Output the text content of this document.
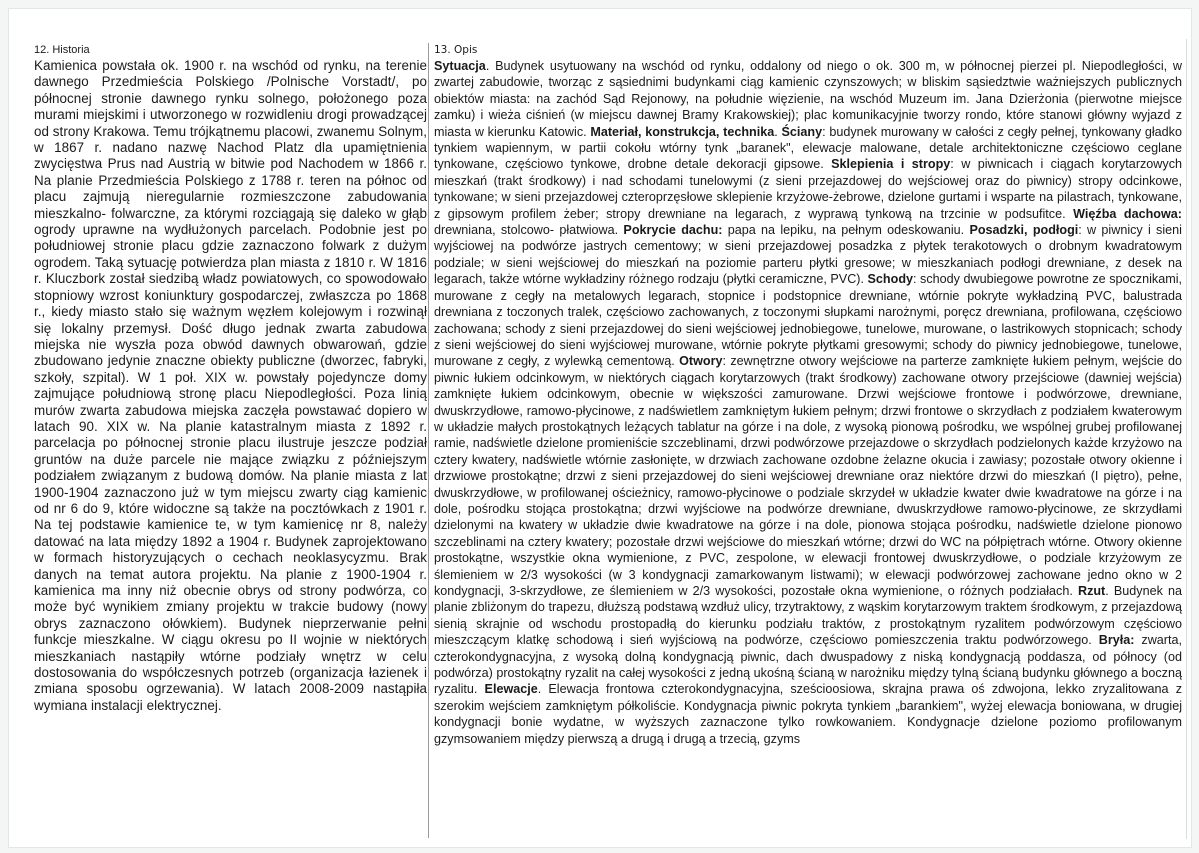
12. Historia

Kamienica powstała ok. 1900 r. na wschód od rynku, na terenie dawnego Przedmieścia Polskiego /Polnische Vorstadt/, po północnej stronie dawnego rynku solnego, położonego poza murami miejskimi i utworzonego w rozwidleniu drogi prowadzącej od strony Krakowa. Temu trójkątnemu placowi, zwanemu Solnym, w 1867 r. nadano nazwę Nachod Platz dla upamiętnienia zwycięstwa Prus nad Austrią w bitwie pod Nachodem w 1866 r. Na planie Przedmieścia Polskiego z 1788 r. teren na północ od placu zajmują nieregularnie rozmieszczone zabudowania mieszkalno- folwarczne, za którymi rozciągają się daleko w głąb ogrody uprawne na wydłużonych parcelach. Podobnie jest po południowej stronie placu gdzie zaznaczono folwark z dużym ogrodem. Taką sytuację potwierdza plan miasta z 1810 r. W 1816 r. Kluczbork został siedzibą władz powiatowych, co spowodowało stopniowy wzrost koniunktury gospodarczej, zwłaszcza po 1868 r., kiedy miasto stało się ważnym węzłem kolejowym i rozwinął się lokalny przemysł. Dość długo jednak zwarta zabudowa miejska nie wyszła poza obwód dawnych obwarowań, gdzie zbudowano jedynie znaczne obiekty publiczne (dworzec, fabryki, szkoły, szpital). W 1 poł. XIX w. powstały pojedyncze domy zajmujące południową stronę placu Niepodległości. Poza linią murów zwarta zabudowa miejska zaczęła powstawać dopiero w latach 90. XIX w. Na planie katastralnym miasta z 1892 r. parcelacja po północnej stronie placu ilustruje jeszcze podział gruntów na duże parcele nie mające związku z późniejszym podziałem związanym z budową domów. Na planie miasta z lat 1900-1904 zaznaczono już w tym miejscu zwarty ciąg kamienic od nr 6 do 9, które widoczne są także na pocztówkach z 1901 r. Na tej podstawie kamienice te, w tym kamienicę nr 8, należy datować na lata między 1892 a 1904 r. Budynek zaprojektowano w formach historyzujących o cechach neoklasycyzmu. Brak danych na temat autora projektu. Na planie z 1900-1904 r. kamienica ma inny niż obecnie obrys od strony podwórza, co może być wynikiem zmiany projektu w trakcie budowy (nowy obrys zaznaczono ołówkiem). Budynek nieprzerwanie pełni funkcje mieszkalne. W ciągu okresu po II wojnie w niektórych mieszkaniach nastąpiły wtórne podziały wnętrz w celu dostosowania do współczesnych potrzeb (organizacja łazienek i zmiana sposobu ogrzewania). W latach 2008-2009 nastąpiła wymiana instalacji elektrycznej.

13. Opis

Sytuacja. Budynek usytuowany na wschód od rynku, oddalony od niego o ok. 300 m, w północnej pierzei pl. Niepodległości, w zwartej zabudowie, tworząc z sąsiednimi budynkami ciąg kamienic czynszowych; w bliskim sąsiedztwie ważniejszych publicznych obiektów miasta: na zachód Sąd Rejonowy, na południe więzienie, na wschód Muzeum im. Jana Dzierżonia (pierwotne miejsce zamku) i wieża ciśnień (w miejscu dawnej Bramy Krakowskiej); plac komunikacyjnie tworzy rondo, które stanowi główny wyjazd z miasta w kierunku Katowic. Materiał, konstrukcja, technika. Ściany: budynek murowany w całości z cegły pełnej, tynkowany gładko tynkiem wapiennym, w partii cokołu wtórny tynk „baranek", elewacje malowane, detale architektoniczne częściowo ceglane tynkowane, częściowo tynkowe, drobne detale dekoracji gipsowe. Sklepienia i stropy: w piwnicach i ciągach korytarzowych mieszkań (trakt środkowy) i nad schodami tunelowymi (z sieni przejazdowej do wejściowej oraz do piwnicy) stropy odcinkowe, tynkowane; w sieni przejazdowej czteroprzęsłowe sklepienie krzyżowe-żebrowe, dzielone gurtami i wsparte na pilastrach, tynkowane, z gipsowym profilem żeber; stropy drewniane na legarach, z wyprawą tynkową na trzcinie w podsufitce. Więźba dachowa: drewniana, stolcowo- płatwiowa. Pokrycie dachu: papa na lepiku, na pełnym odeskowaniu. Posadzki, podłogi: w piwnicy i sieni wyjściowej na podwórze jastrych cementowy; w sieni przejazdowej posadzka z płytek terakotowych o drobnym kwadratowym podziale; w sieni wejściowej do mieszkań na poziomie parteru płytki gresowe; w mieszkaniach podłogi drewniane, z desek na legarach, także wtórne wykładziny różnego rodzaju (płytki ceramiczne, PVC). Schody: schody dwubiegowe powrotne ze spocznikami, murowane z cegły na metalowych legarach, stopnice i podstopnice drewniane, wtórnie pokryte wykładziną PVC, balustrada drewniana z toczonych tralek, częściowo zachowanych, z toczonymi słupkami narożnymi, poręcz drewniana, profilowana, częściowo zachowana; schody z sieni przejazdowej do sieni wejściowej jednobiegowe, tunelowe, murowane, o lastrikowych stopnicach; schody z sieni wejściowej do sieni wyjściowej murowane, wtórnie pokryte płytkami gresowymi; schody do piwnicy jednobiegowe, tunelowe, murowane z cegły, z wylewką cementową. Otwory: zewnętrzne otwory wejściowe na parterze zamknięte łukiem pełnym, wejście do piwnic łukiem odcinkowym, w niektórych ciągach korytarzowych (trakt środkowy) zachowane otwory przejściowe (dawniej wejścia) zamknięte łukiem odcinkowym, obecnie w większości zamurowane. Drzwi wejściowe frontowe i podwórzowe, drewniane, dwuskrzydłowe, ramowo-płycinowe, z nadświetlem zamkniętym łukiem pełnym; drzwi frontowe o skrzydłach z podziałem kwaterowym w układzie małych prostokątnych leżących tablatur na górze i na dole, z wysoką pionową pośrodku, we wspólnej grubej profilowanej ramie, nadświetle dzielone promieniście szczeblinami, drzwi podwórzowe przejazdowe o skrzydłach podzielonych każde krzyżowo na cztery kwatery, nadświetle wtórnie zasłonięte, w drzwiach zachowane ozdobne żelazne okucia i zawiasy; pozostałe otwory okienne i drzwiowe prostokątne; drzwi z sieni przejazdowej do sieni wejściowej drewniane oraz niektóre drzwi do mieszkań (I piętro), pełne, dwuskrzydłowe, w profilowanej ościeżnicy, ramowo-płycinowe o podziale skrzydeł w układzie kwater dwie kwadratowe na górze i na dole, pośrodku stojąca prostokątna; drzwi wyjściowe na podwórze drewniane, dwuskrzydłowe ramowo-płycinowe, ze skrzydłami dzielonymi na kwatery w układzie dwie kwadratowe na górze i na dole, pionowa stojąca pośrodku, nadświetle dzielone pionowo szczeblinami na cztery kwatery; pozostałe drzwi wejściowe do mieszkań wtórne; drzwi do WC na półpiętrach wtórne. Otwory okienne prostokątne, wszystkie okna wymienione, z PVC, zespolone, w elewacji frontowej dwuskrzydłowe, o podziale krzyżowym ze ślemieniem w 2/3 wysokości (w 3 kondygnacji zamarkowanym listwami); w elewacji podwórzowej zachowane jedno okno w 2 kondygnacji, 3-skrzydłowe, ze ślemieniem w 2/3 wysokości, pozostałe okna wymienione, o różnych podziałach. Rzut. Budynek na planie zbliżonym do trapezu, dłuższą podstawą wzdłuż ulicy, trzytraktowy, z wąskim korytarzowym traktem środkowym, z przejazdową sienią skrajnie od wschodu prostopadłą do kierunku podziału traktów, z prostokątnym ryzalitem podwórzowym częściowo mieszczącym klatkę schodową i sień wyjściową na podwórze, częściowo pomieszczenia traktu podwórzowego. Bryła: zwarta, czterokondygnacyjna, z wysoką dolną kondygnacją piwnic, dach dwuspadowy z niską kondygnacją poddasza, od północy (od podwórza) prostokątny ryzalit na całej wysokości z jedną ukośną ścianą w narożniku między tylną ścianą budynku głównego a boczną ryzalitu. Elewacje. Elewacja frontowa czterokondygnacyjna, sześcioosiowa, skrajna prawa oś zdwojona, lekko zryzalitowana z szerokim wejściem zamkniętym półkoliście. Kondygnacja piwnic pokryta tynkiem „barankiem", wyżej elewacja boniowana, w drugiej kondygnacji bonie wydatne, w wyższych zaznaczone tylko rowkowaniem. Kondygnacje dzielone poziomo profilowanym gzymsowaniem między pierwszą a drugą i drugą a trzecią, gzyms
